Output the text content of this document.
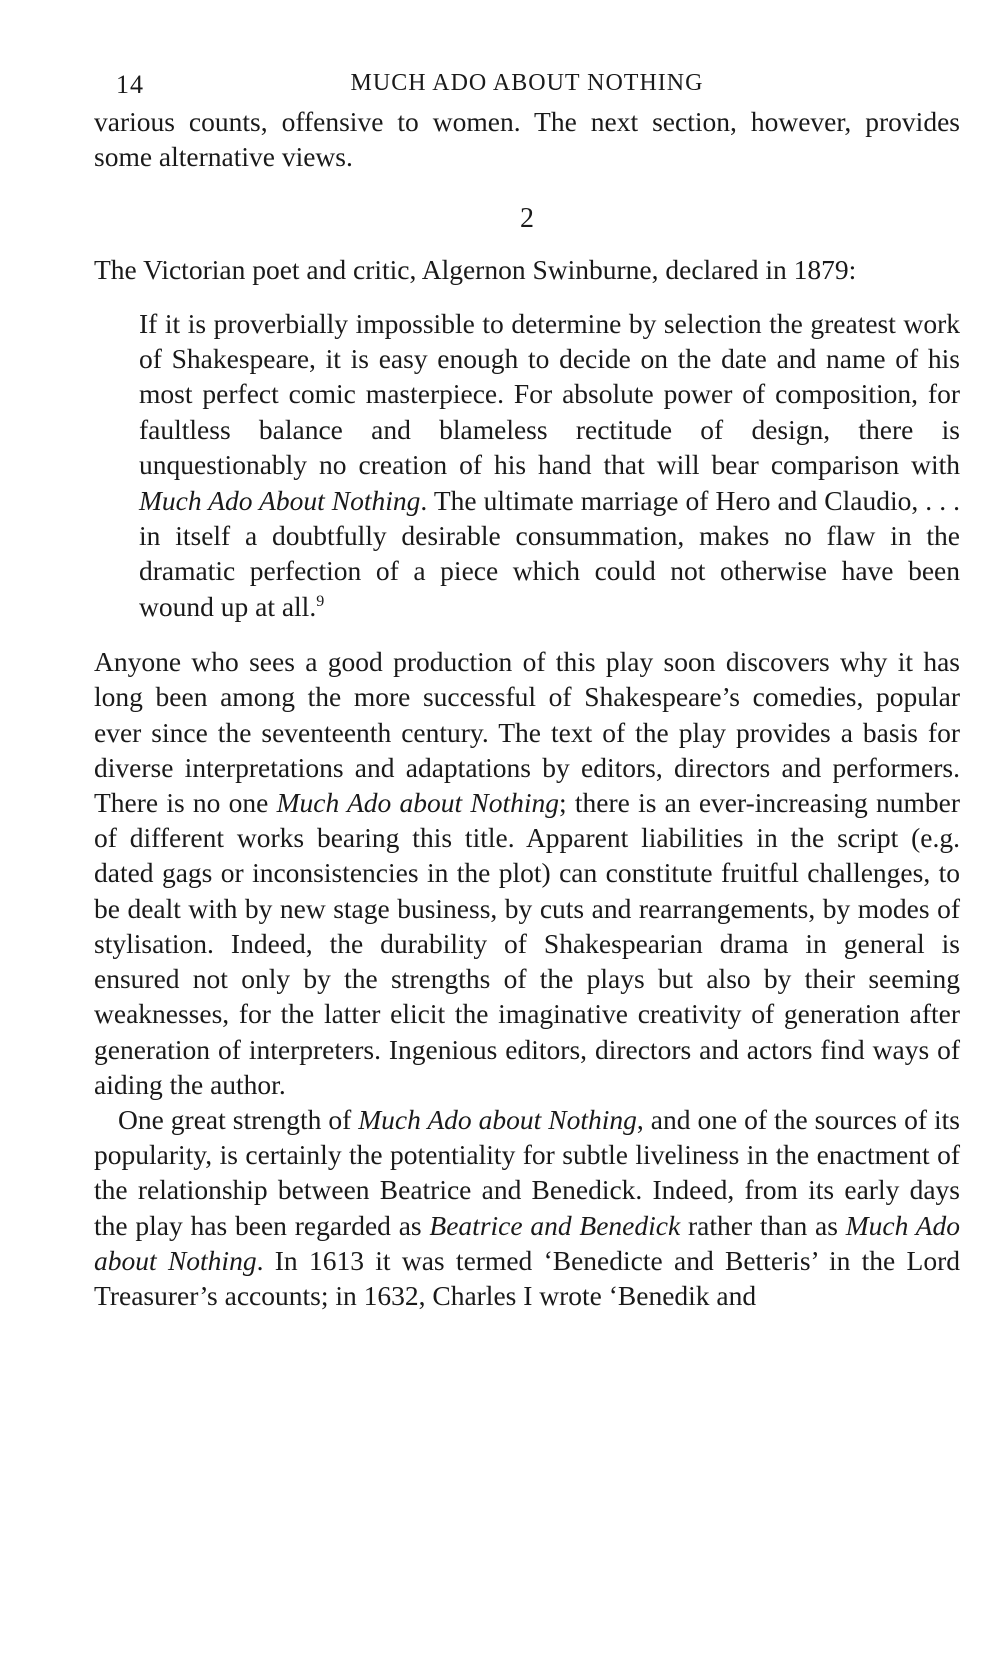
14	MUCH ADO ABOUT NOTHING

various counts, offensive to women. The next section, however, provides some alternative views.

2

The Victorian poet and critic, Algernon Swinburne, declared in 1879:

If it is proverbially impossible to determine by selection the greatest work of Shakespeare, it is easy enough to decide on the date and name of his most perfect comic masterpiece. For absolute power of composition, for faultless balance and blameless rectitude of design, there is unquestionably no creation of his hand that will bear comparison with Much Ado About Nothing. The ultimate marriage of Hero and Claudio, . . . in itself a doubtfully desirable consummation, makes no flaw in the dramatic perfection of a piece which could not otherwise have been wound up at all.$^9$

Anyone who sees a good production of this play soon discovers why it has long been among the more successful of Shakespeare’s comedies, popular ever since the seventeenth century. The text of the play provides a basis for diverse interpretations and adaptations by editors, directors and performers. There is no one Much Ado about Nothing; there is an ever-increasing number of different works bearing this title. Apparent liabilities in the script (e.g. dated gags or inconsistencies in the plot) can constitute fruitful challenges, to be dealt with by new stage business, by cuts and rearrangements, by modes of stylisation. Indeed, the durability of Shakespearian drama in general is ensured not only by the strengths of the plays but also by their seeming weaknesses, for the latter elicit the imaginative creativity of generation after generation of interpreters. Ingenious editors, directors and actors find ways of aiding the author.

One great strength of Much Ado about Nothing, and one of the sources of its popularity, is certainly the potentiality for subtle liveliness in the enactment of the relationship between Beatrice and Benedick. Indeed, from its early days the play has been regarded as Beatrice and Benedick rather than as Much Ado about Nothing. In 1613 it was termed ‘Benedicte and Betteris’ in the Lord Treasurer’s accounts; in 1632, Charles I wrote ‘Benedik and
